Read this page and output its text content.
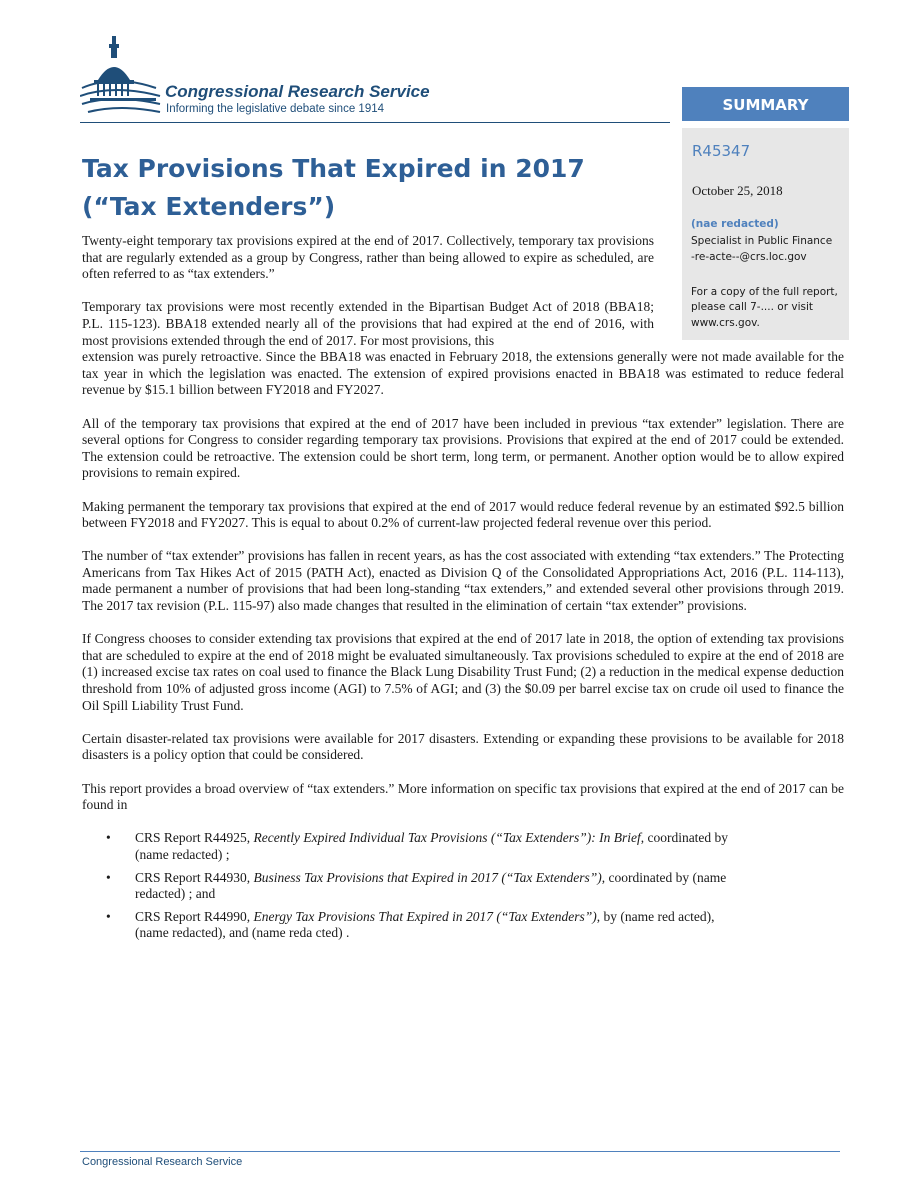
Congressional Research Service
Informing the legislative debate since 1914	SUMMARY
R45347
October 25, 2018
(nae redacted)
Specialist in Public Finance
-re-acte--@crs.loc.gov
For a copy of the full report,
please call 7-.... or visit
www.crs.gov.
Tax Provisions That Expired in 2017
(“Tax Extenders”)

Twenty-eight temporary tax provisions expired at the end of 2017. Collectively, temporary tax provisions that are regularly extended as a group by Congress, rather than being allowed to expire as scheduled, are often referred to as “tax extenders.”

Temporary tax provisions were most recently extended in the Bipartisan Budget Act of 2018 (BBA18; P.L. 115-123). BBA18 extended nearly all of the provisions that had expired at the end of 2016, with most provisions extended through the end of 2017. For most provisions, this
extension was purely retroactive. Since the BBA18 was enacted in February 2018, the extensions generally were not made available for the tax year in which the legislation was enacted. The extension of expired provisions enacted in BBA18 was estimated to reduce federal revenue by $15.1 billion between FY2018 and FY2027.

All of the temporary tax provisions that expired at the end of 2017 have been included in previous “tax extender” legislation. There are several options for Congress to consider regarding temporary tax provisions. Provisions that expired at the end of 2017 could be extended. The extension could be retroactive. The extension could be short term, long term, or permanent. Another option would be to allow expired provisions to remain expired.

Making permanent the temporary tax provisions that expired at the end of 2017 would reduce federal revenue by an estimated $92.5 billion between FY2018 and FY2027. This is equal to about 0.2% of current-law projected federal revenue over this period.

The number of “tax extender” provisions has fallen in recent years, as has the cost associated with extending “tax extenders.” The Protecting Americans from Tax Hikes Act of 2015 (PATH Act), enacted as Division Q of the Consolidated Appropriations Act, 2016 (P.L. 114-113), made permanent a number of provisions that had been long-standing “tax extenders,” and extended several other provisions through 2019. The 2017 tax revision (P.L. 115-97) also made changes that resulted in the elimination of certain “tax extender” provisions.

If Congress chooses to consider extending tax provisions that expired at the end of 2017 late in 2018, the option of extending tax provisions that are scheduled to expire at the end of 2018 might be evaluated simultaneously. Tax provisions scheduled to expire at the end of 2018 are (1) increased excise tax rates on coal used to finance the Black Lung Disability Trust Fund; (2) a reduction in the medical expense deduction threshold from 10% of adjusted gross income (AGI) to 7.5% of AGI; and (3) the $0.09 per barrel excise tax on crude oil used to finance the Oil Spill Liability Trust Fund.

Certain disaster-related tax provisions were available for 2017 disasters. Extending or expanding these provisions to be available for 2018 disasters is a policy option that could be considered.

This report provides a broad overview of “tax extenders.” More information on specific tax provisions that expired at the end of 2017 can be found in

• CRS Report R44925, Recently Expired Individual Tax Provisions (“Tax Extenders”): In Brief, coordinated by (name redacted) ;
• CRS Report R44930, Business Tax Provisions that Expired in 2017 (“Tax Extenders”), coordinated by (name redacted) ; and
• CRS Report R44990, Energy Tax Provisions That Expired in 2017 (“Tax Extenders”), by (name red acted), (name redacted), and (name reda cted) .
Congressional Research Service
